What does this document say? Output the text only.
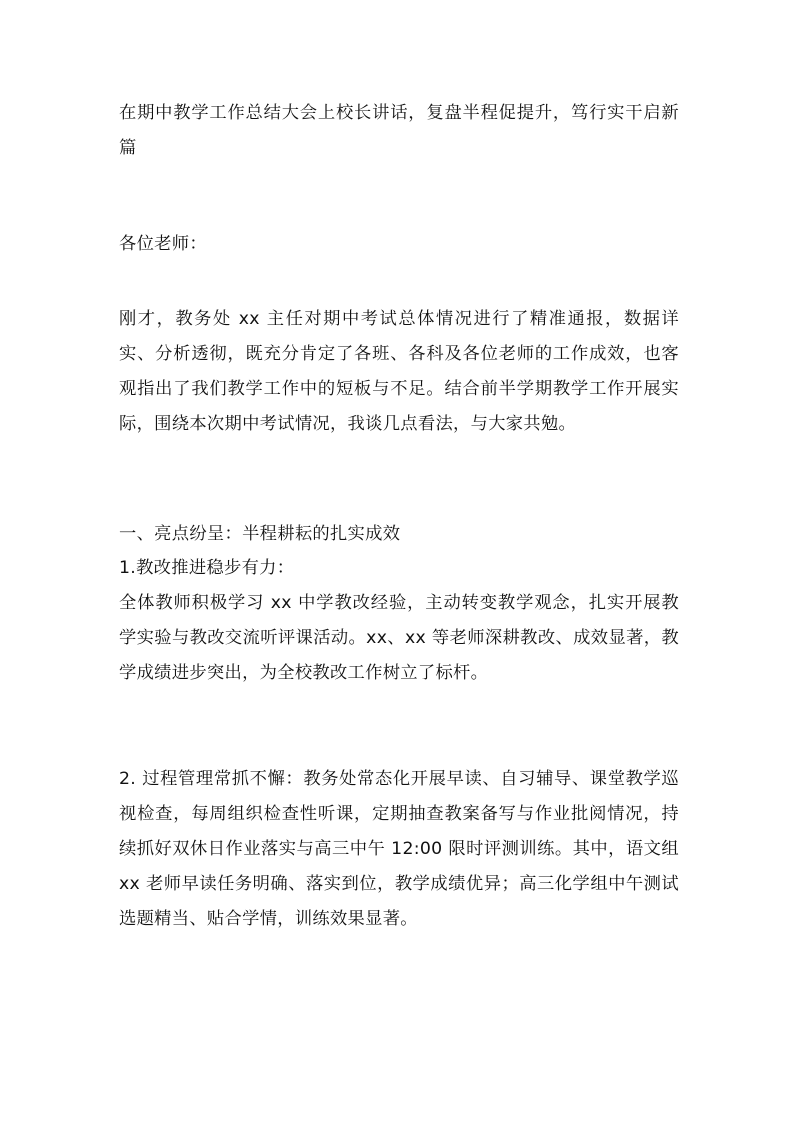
在期中教学工作总结大会上校长讲话，复盘半程促提升，笃行实干启新篇

各位老师：

刚才，教务处 xx 主任对期中考试总体情况进行了精准通报，数据详实、分析透彻，既充分肯定了各班、各科及各位老师的工作成效，也客观指出了我们教学工作中的短板与不足。结合前半学期教学工作开展实际，围绕本次期中考试情况，我谈几点看法，与大家共勉。

一、亮点纷呈：半程耕耘的扎实成效

1.教改推进稳步有力：

全体教师积极学习 xx 中学教改经验，主动转变教学观念，扎实开展教学实验与教改交流听评课活动。xx、xx 等老师深耕教改、成效显著，教学成绩进步突出，为全校教改工作树立了标杆。

2. 过程管理常抓不懈：教务处常态化开展早读、自习辅导、课堂教学巡视检查，每周组织检查性听课，定期抽查教案备写与作业批阅情况，持续抓好双休日作业落实与高三中午 12:00 限时评测训练。其中，语文组 xx 老师早读任务明确、落实到位，教学成绩优异；高三化学组中午测试选题精当、贴合学情，训练效果显著。
